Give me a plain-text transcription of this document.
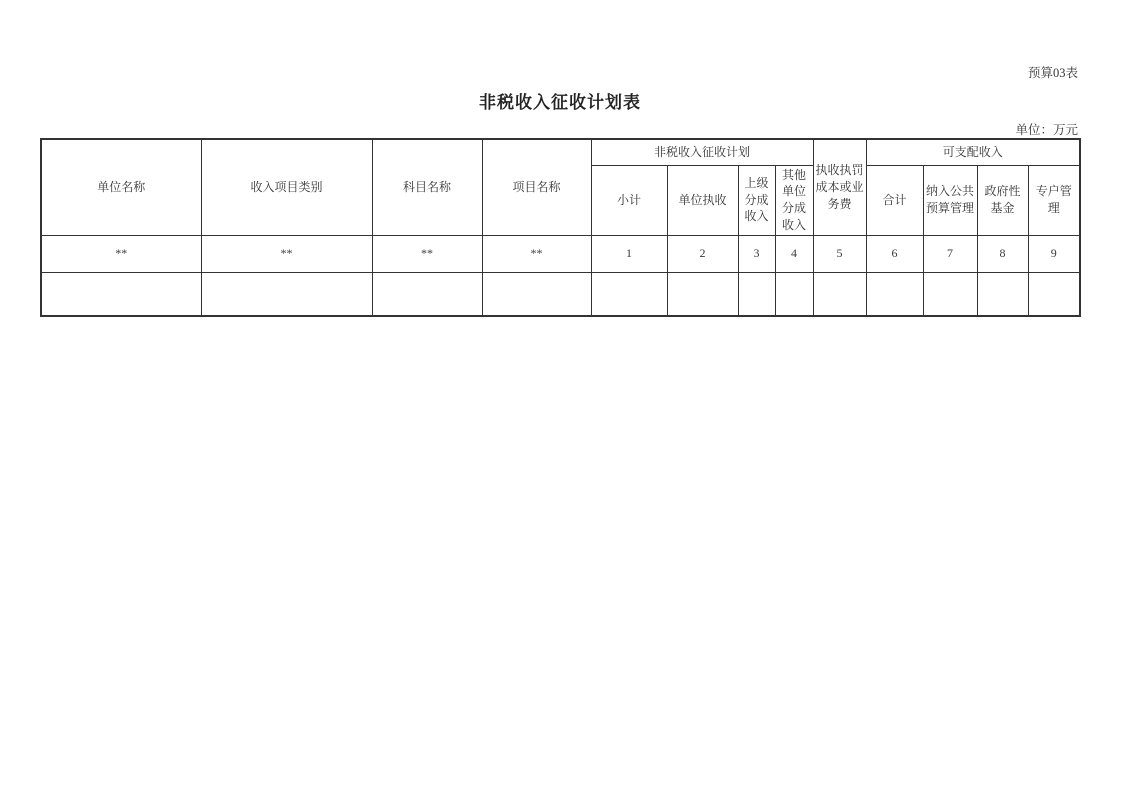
预算03表
非税收入征收计划表
单位：万元
单位名称	收入项目类别	科目名称	项目名称	非税收入征收计划				执收执罚成本或业务费	可支配收入			
				小计	单位执收	上级分成收入	其他单位分成收入		合计	纳入公共预算管理	政府性基金	专户管理
**	**	**	**	1	2	3	4	5	6	7	8	9
